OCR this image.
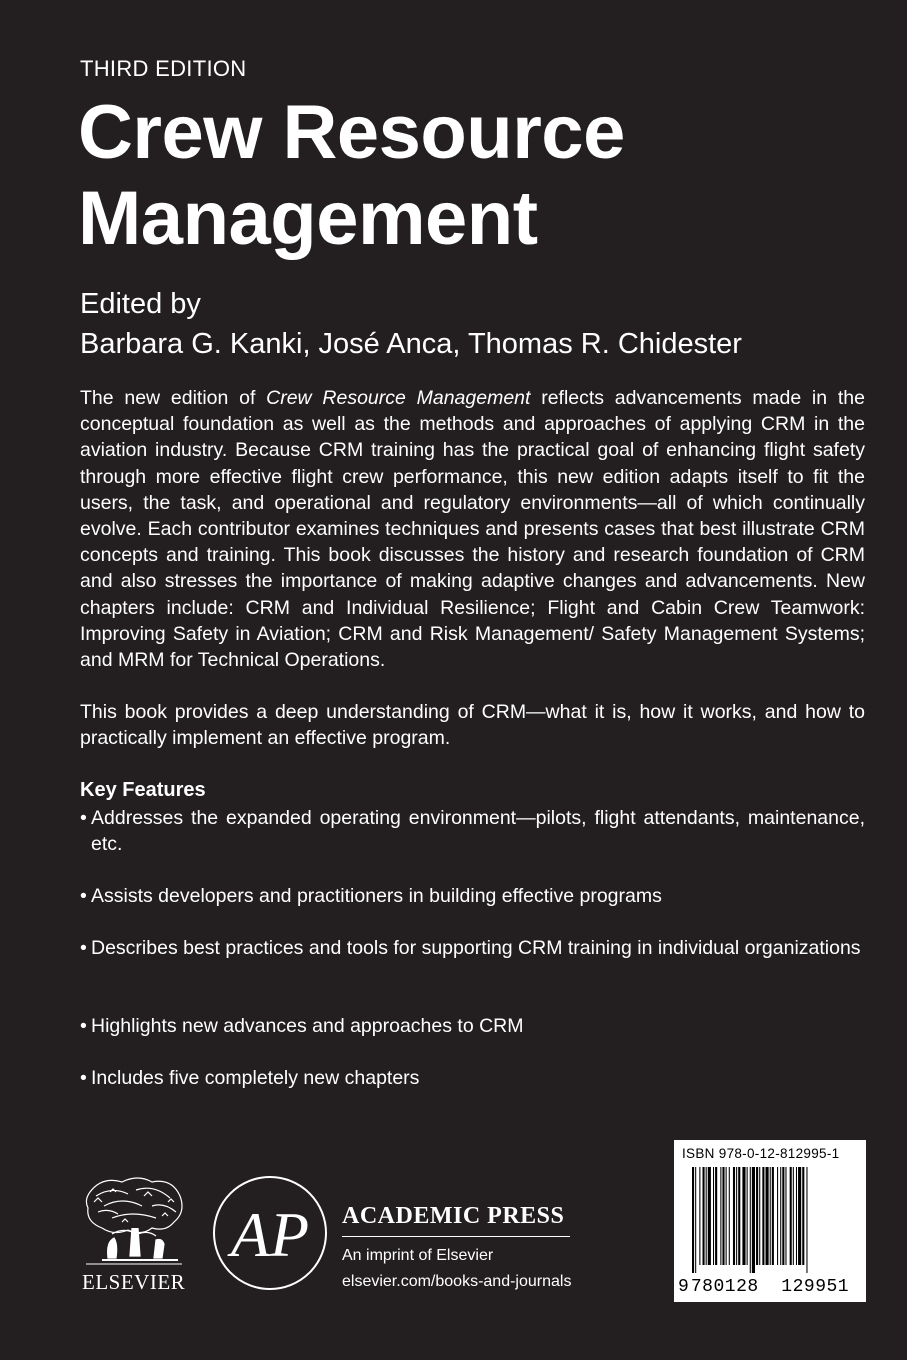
THIRD EDITION
Crew Resource
Management
Edited by
Barbara G. Kanki, José Anca, Thomas R. Chidester

The new edition of Crew Resource Management reflects advancements made in the conceptual foundation as well as the methods and approaches of applying CRM in the aviation industry. Because CRM training has the practical goal of enhancing flight safety through more effective flight crew performance, this new edition adapts itself to fit the users, the task, and operational and regulatory environments—all of which continually evolve. Each contributor examines techniques and presents cases that best illustrate CRM concepts and training. This book discusses the history and research foundation of CRM and also stresses the importance of making adaptive changes and advancements. New chapters include: CRM and Individual Resilience; Flight and Cabin Crew Teamwork: Improving Safety in Aviation; CRM and Risk Management/ Safety Management Systems; and MRM for Technical Operations.

This book provides a deep understanding of CRM—what it is, how it works, and how to practically implement an effective program.

Key Features
• Addresses the expanded operating environment—pilots, flight attendants, maintenance, etc.
• Assists developers and practitioners in building effective programs
• Describes best practices and tools for supporting CRM training in individual organizations
• Highlights new advances and approaches to CRM
• Includes five completely new chapters
ELSEVIER
AP ACADEMIC PRESS
An imprint of Elsevier
elsevier.com/books-and-journals
ISBN 978-0-12-812995-1
9 780128  129951
